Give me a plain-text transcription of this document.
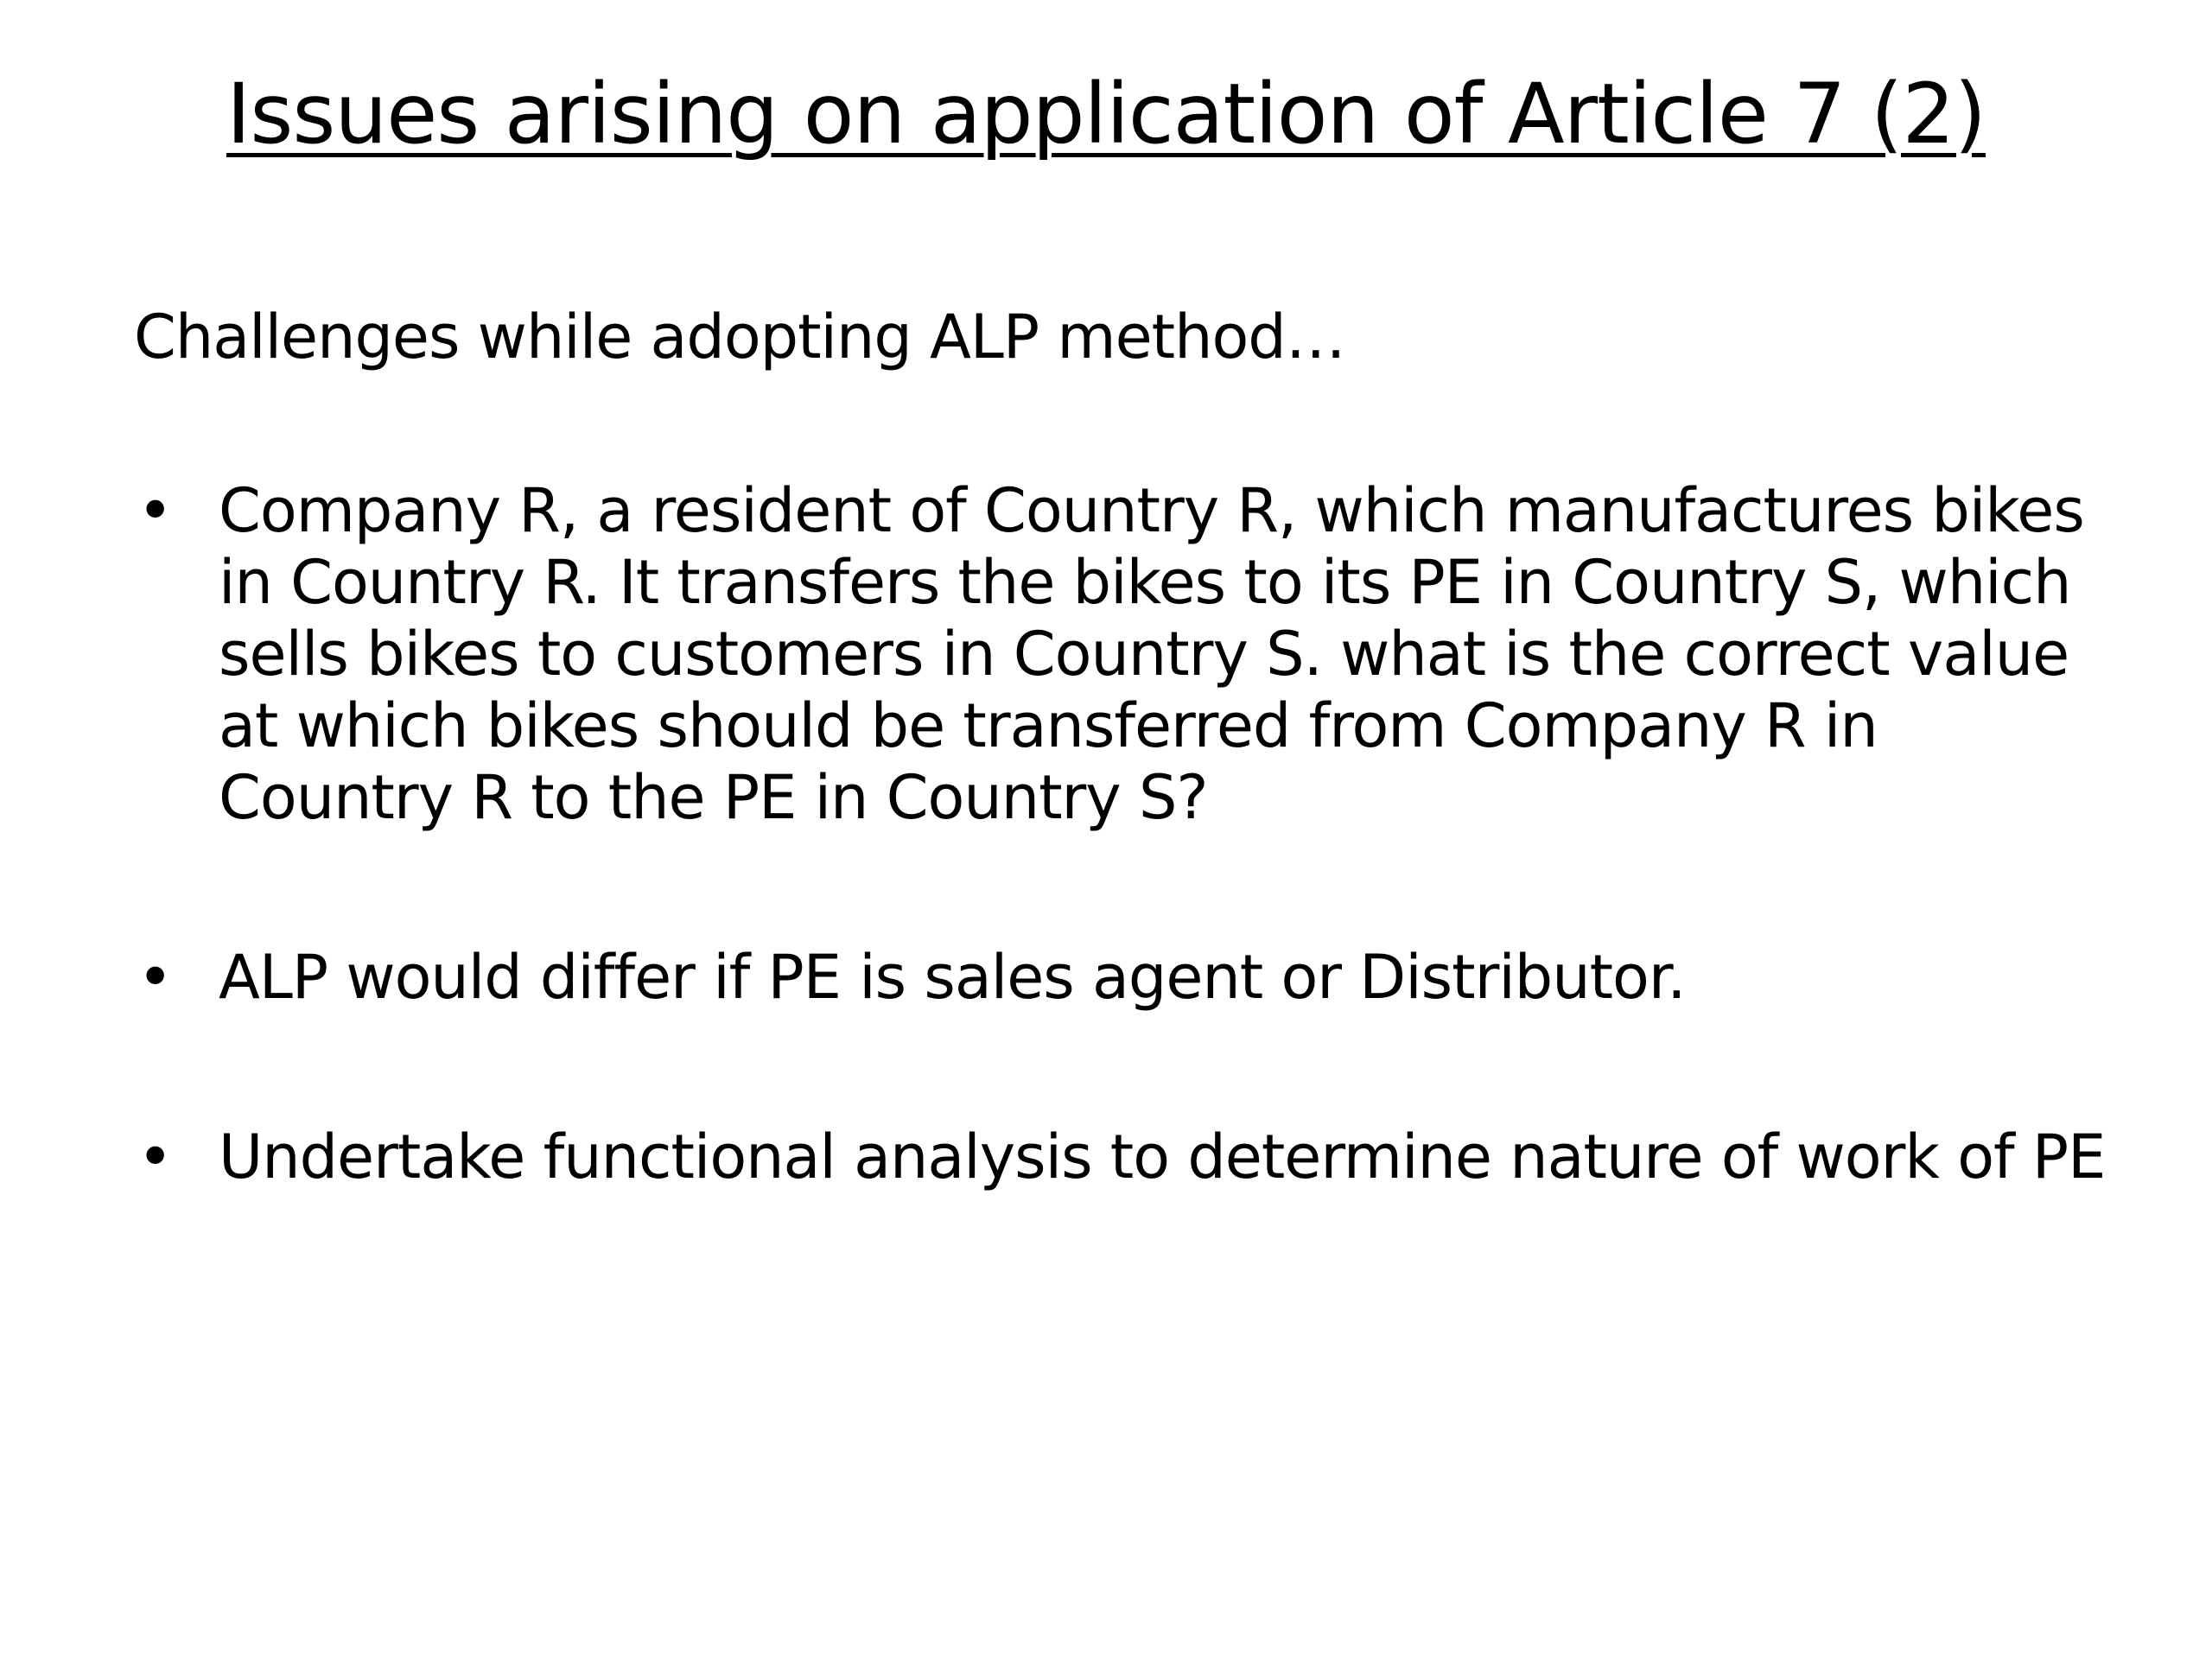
Issues arising on application of Article 7 (2)

Challenges while adopting ALP method…

• Company R, a resident of Country R, which manufactures bikes in Country R. It transfers the bikes to its PE in Country S, which sells bikes to customers in Country S. what is the correct value at which bikes should be transferred from Company R in Country R to the PE in Country S?
• ALP would differ if PE is sales agent or Distributor.
• Undertake functional analysis to determine nature of work of PE
